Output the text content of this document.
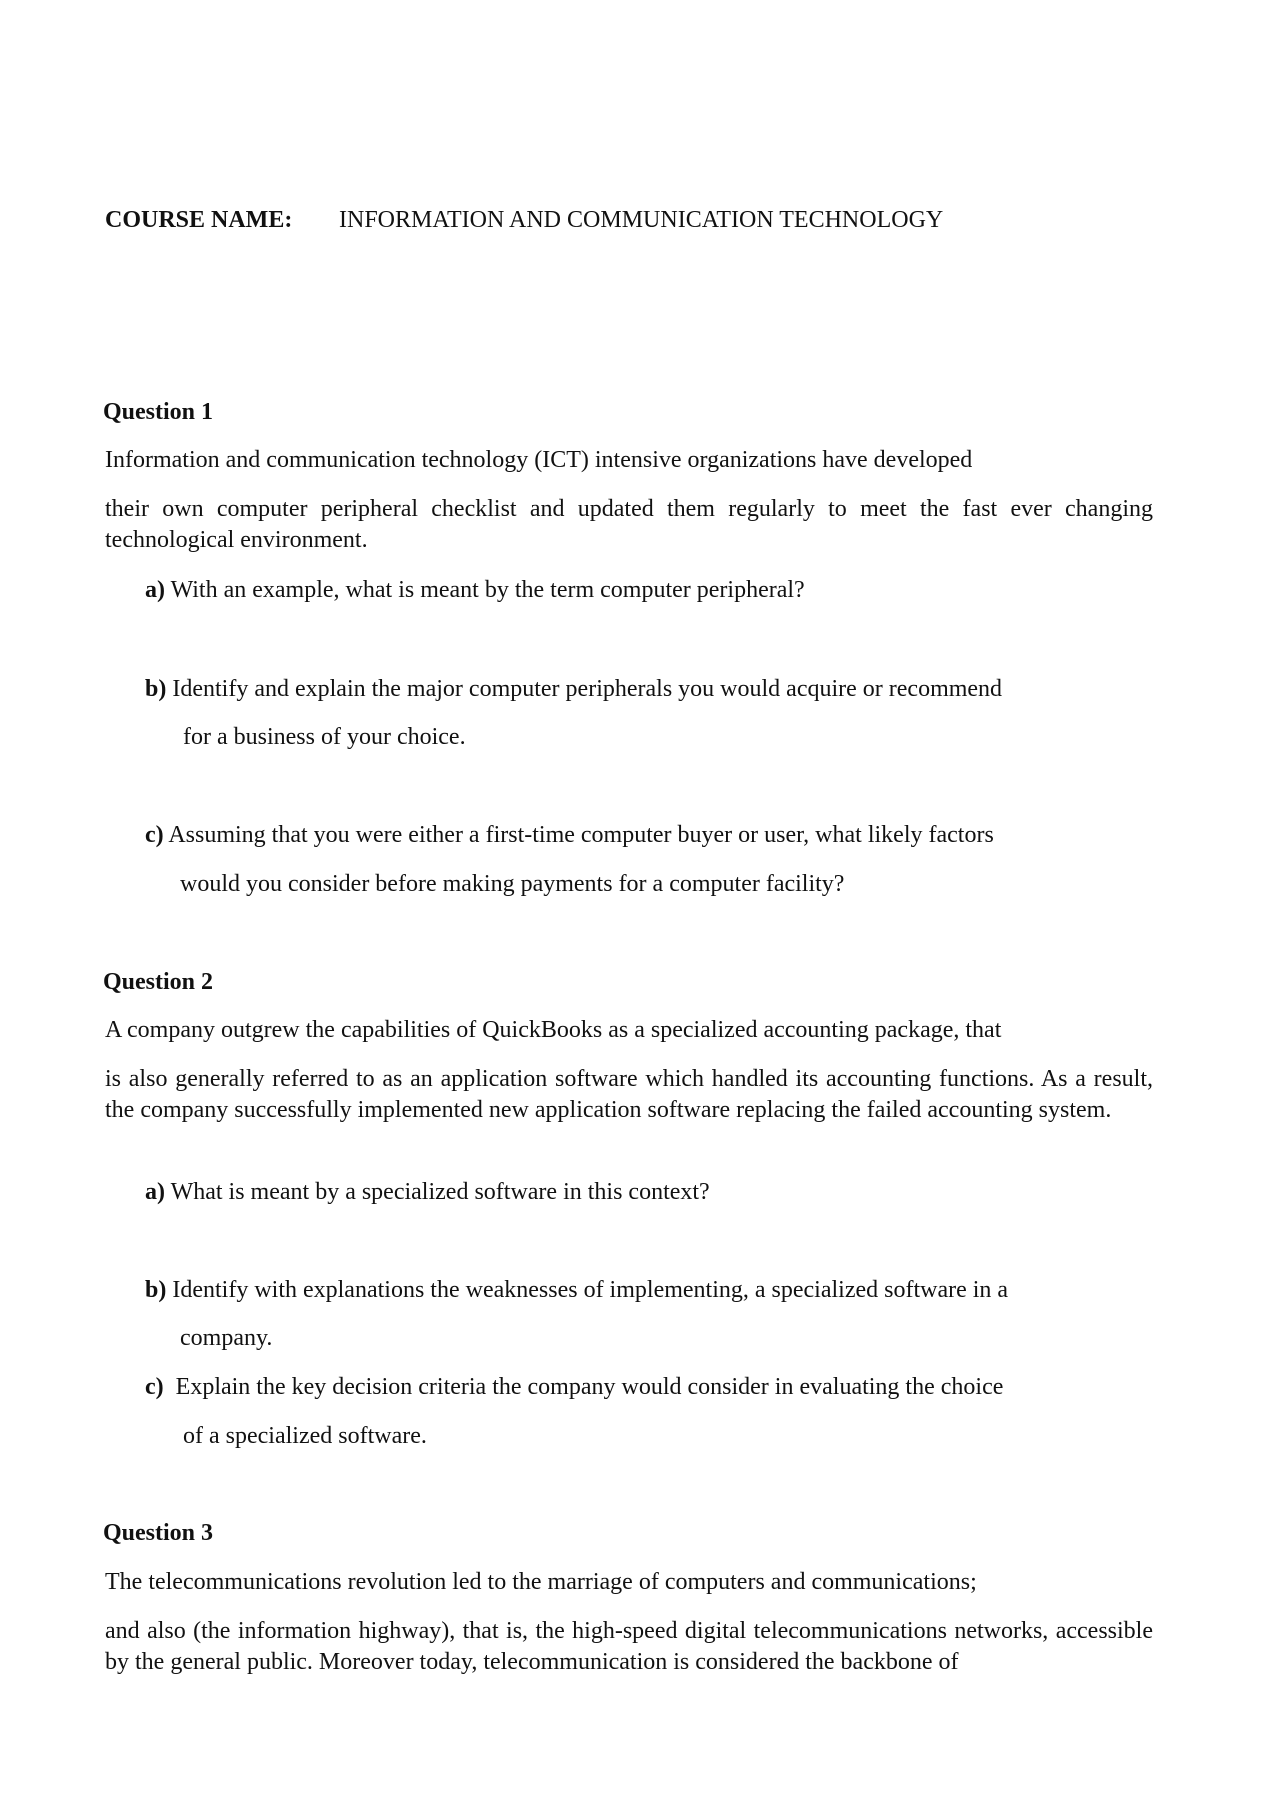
COURSE NAME: INFORMATION AND COMMUNICATION TECHNOLOGY
Question 1
Information and communication technology (ICT) intensive organizations have developed
their own computer peripheral checklist and updated them regularly to meet the fast ever changing technological environment.
a) With an example, what is meant by the term computer peripheral?
b) Identify and explain the major computer peripherals you would acquire or recommend
for a business of your choice.
c) Assuming that you were either a first-time computer buyer or user, what likely factors
would you consider before making payments for a computer facility?
Question 2
A company outgrew the capabilities of QuickBooks as a specialized accounting package, that
is also generally referred to as an application software which handled its accounting functions. As a result, the company successfully implemented new application software replacing the failed accounting system.
a) What is meant by a specialized software in this context?
b) Identify with explanations the weaknesses of implementing, a specialized software in a
company.
c)  Explain the key decision criteria the company would consider in evaluating the choice
of a specialized software.
Question 3
The telecommunications revolution led to the marriage of computers and communications;
and also (the information highway), that is, the high-speed digital telecommunications networks, accessible by the general public. Moreover today, telecommunication is considered the backbone of
